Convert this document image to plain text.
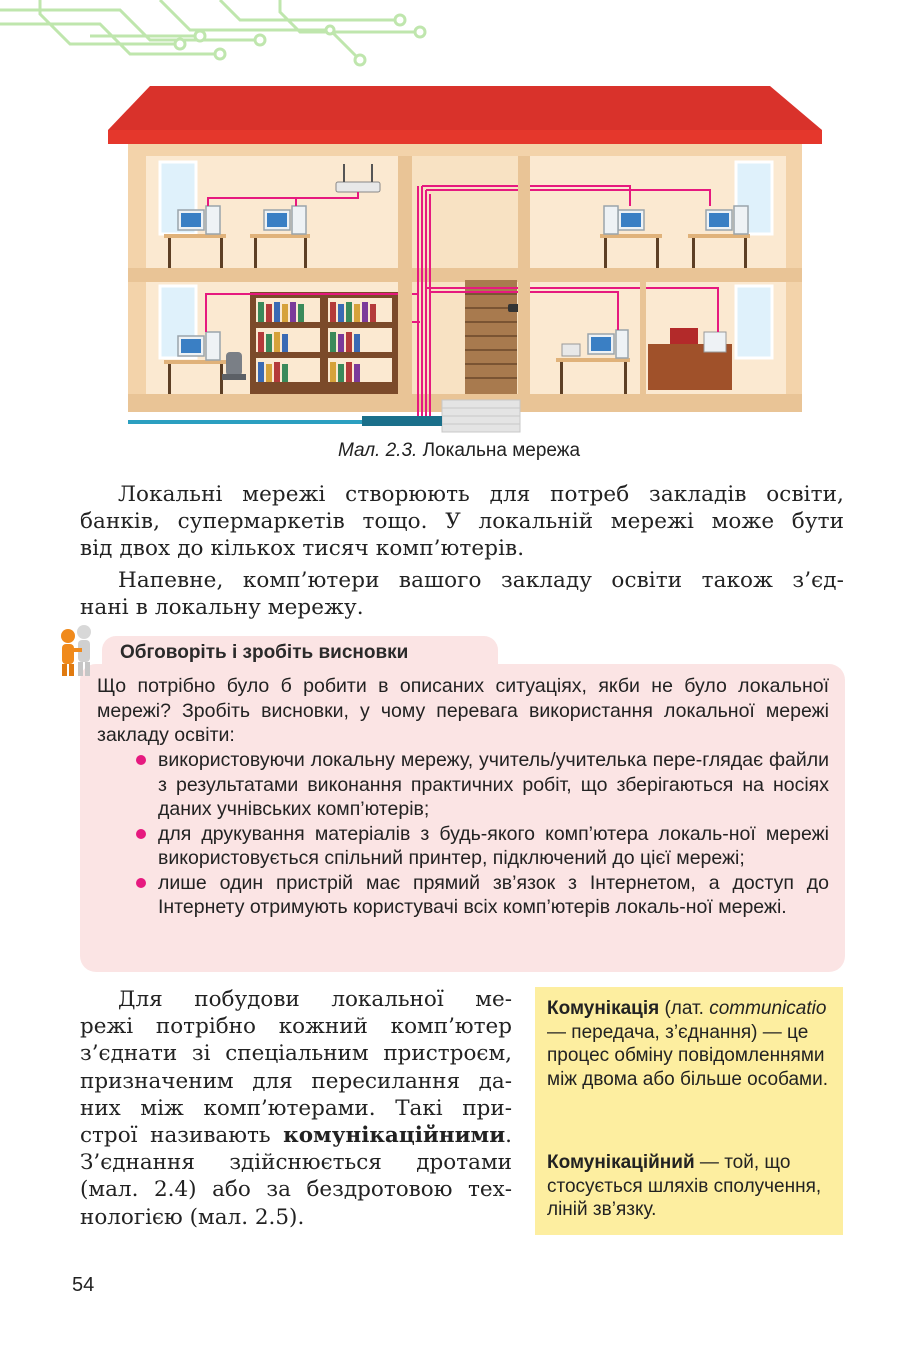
Мал. 2.3. Локальна мережа
Локальні мережі створюють для потреб закладів освіти,
банків, супермаркетів тощо. У локальній мережі може бути
від двох до кількох тисяч комп’ютерів.
Напевне, комп’ютери вашого закладу освіти також з’єд-
нані в локальну мережу.
Обговоріть і зробіть висновки
Що потрібно було б робити в описаних ситуаціях, якби не було локальної мережі? Зробіть висновки, у чому перевага використання локальної мережі закладу освіти:
використовуючи локальну мережу, учитель/учителька пере-глядає файли з результатами виконання практичних робіт, що зберігаються на носіях даних учнівських комп’ютерів;
для друкування матеріалів з будь-якого комп’ютера локаль-ної мережі використовується спільний принтер, підключений до цієї мережі;
лише один пристрій має прямий зв’язок з Інтернетом, а доступ до Інтернету отримують користувачі всіх комп’ютерів локаль-ної мережі.
Для побудови локальної ме-
режі потрібно кожний комп’ютер
з’єднати зі спеціальним пристроєм,
призначеним для пересилання да-
них між комп’ютерами. Такі при-
строї називають комунікаційними.
З’єднання здійснюється дротами
(мал. 2.4) або за бездротовою тех-
нологією (мал. 2.5).
Комунікація (лат. communicatio — передача, з’єднання) — це процес обміну повідомленнями між двома або більше особами.
Комунікаційний — той, що стосується шляхів сполучення, ліній зв’язку.
54
